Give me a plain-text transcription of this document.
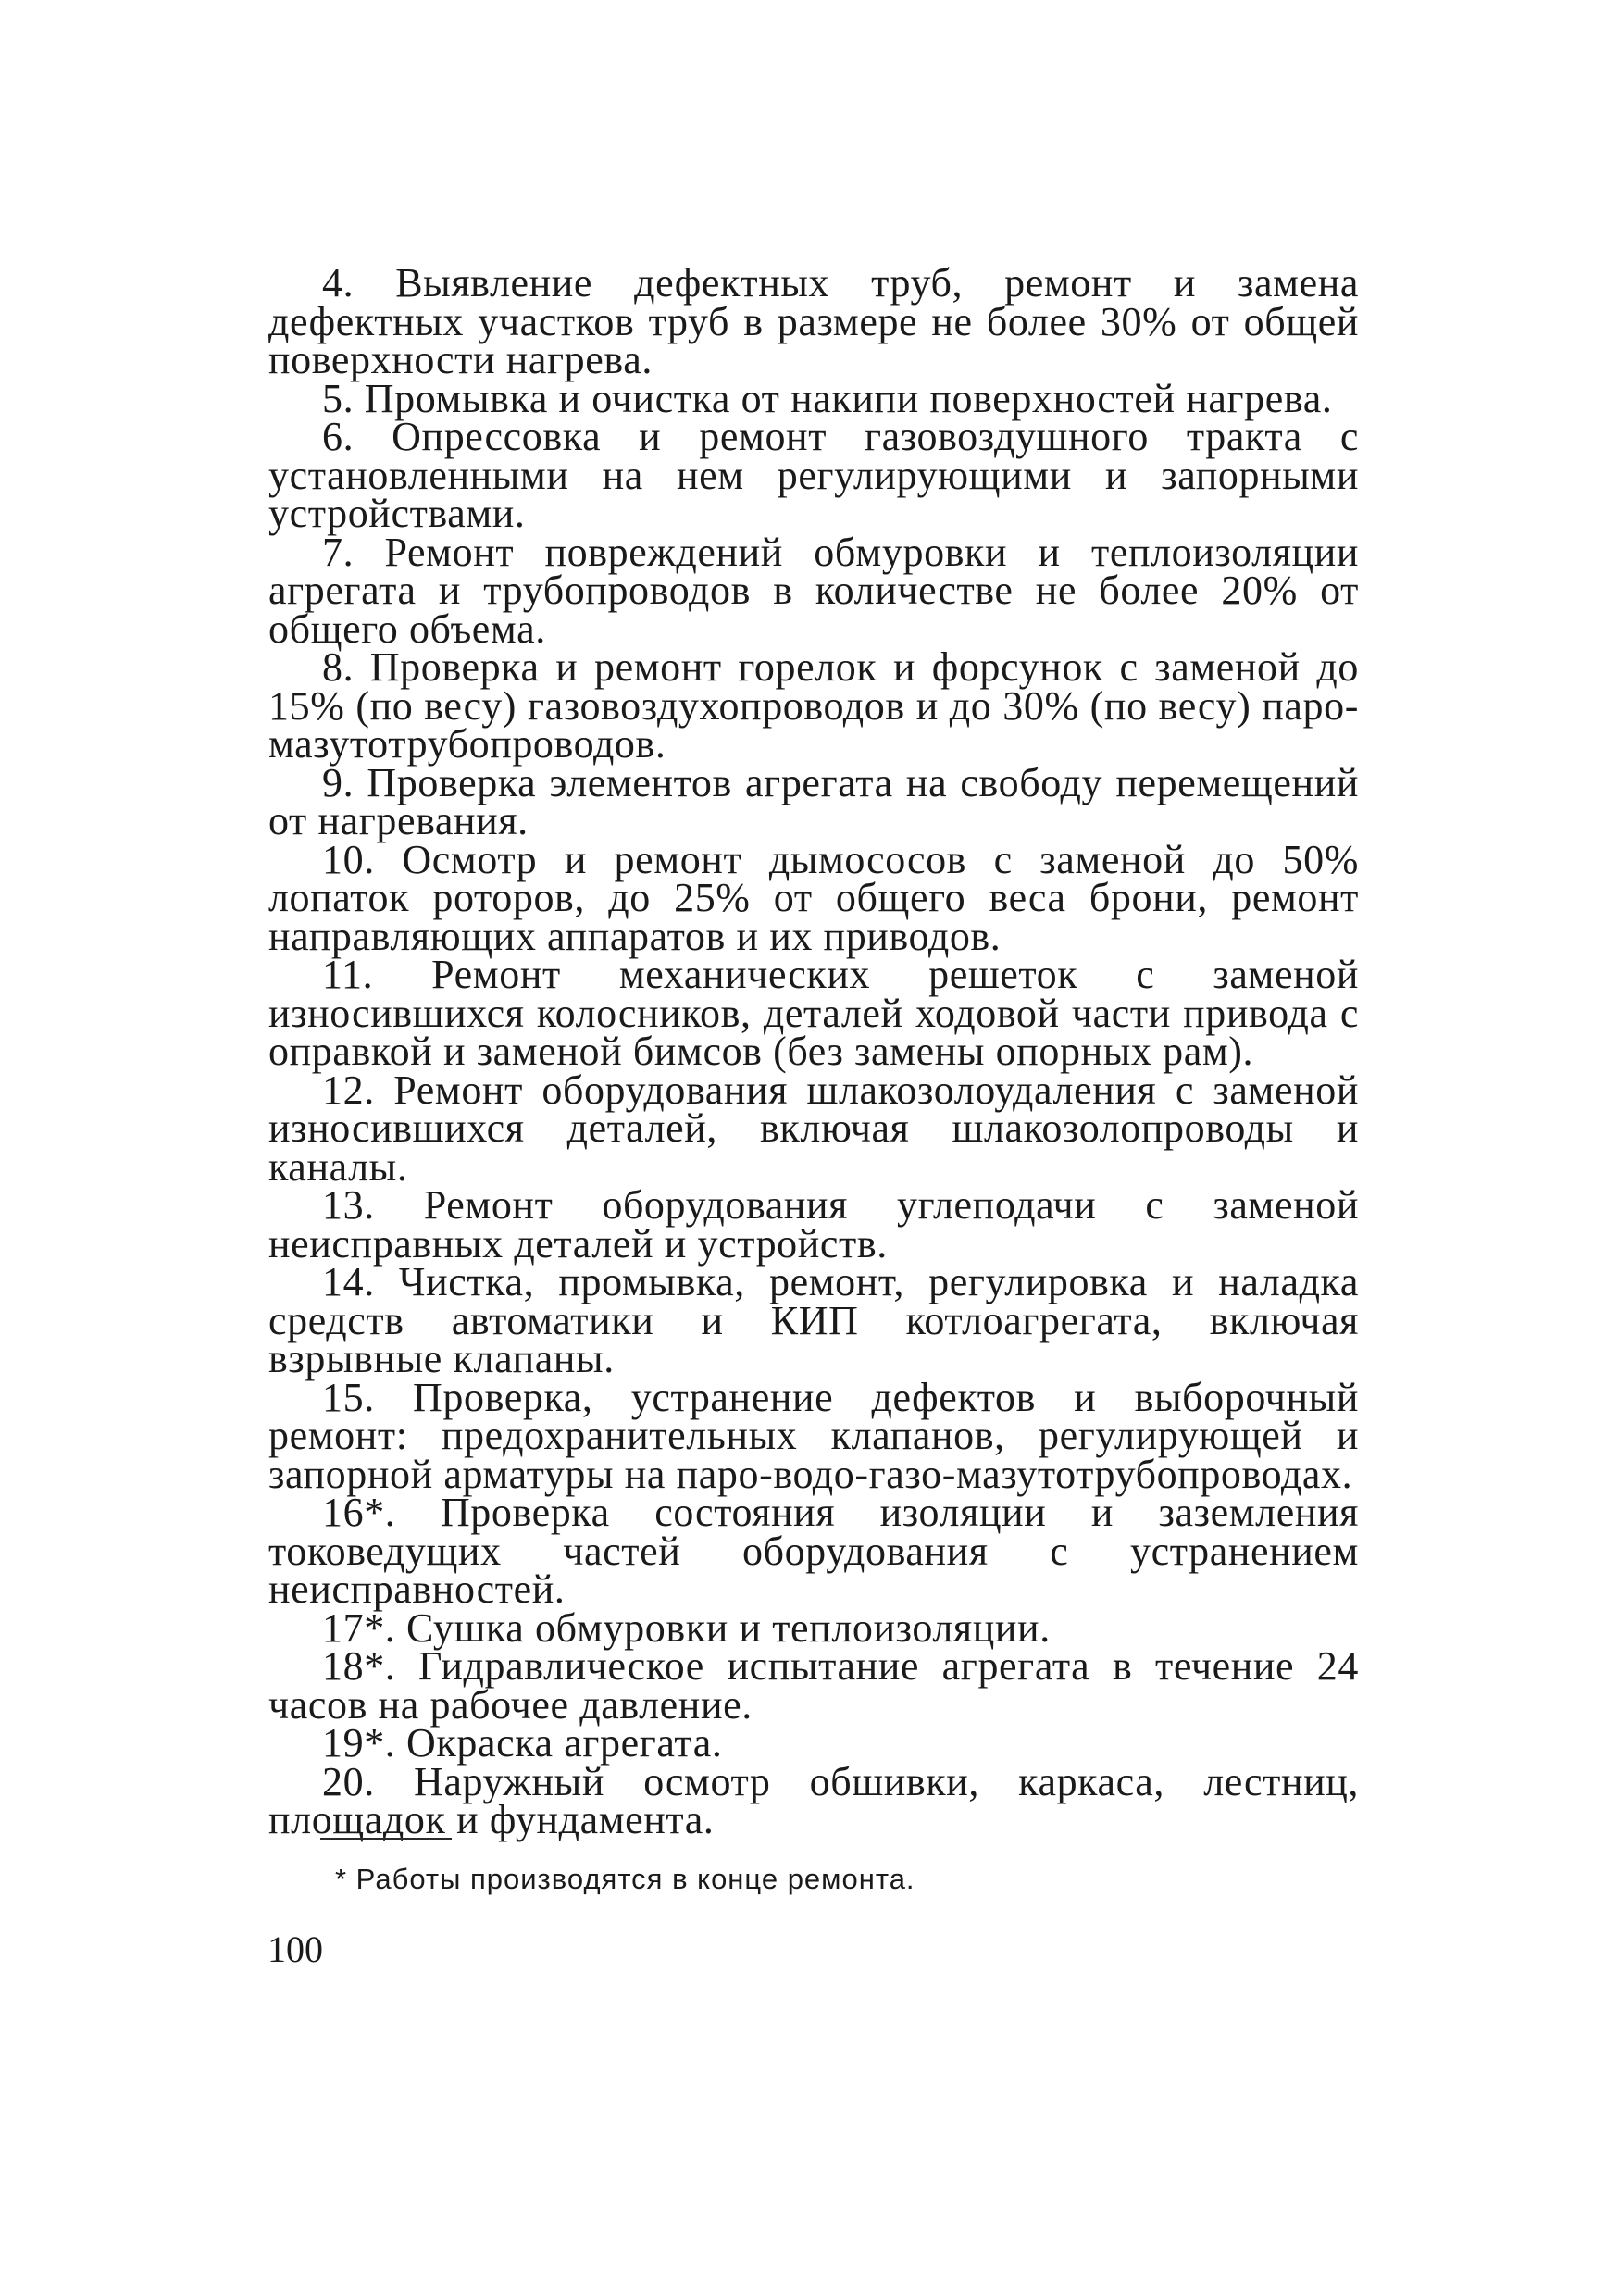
4. Выявление дефектных труб, ремонт и замена дефектных участков труб в размере не более 30% от общей поверхности нагрева.

5. Промывка и очистка от накипи поверхностей нагрева.

6. Опрессовка и ремонт газовоздушного тракта с установленными на нем регулирующими и запорными устройствами.

7. Ремонт повреждений обмуровки и теплоизоляции агрегата и трубопроводов в количестве не более 20% от общего объема.

8. Проверка и ремонт горелок и форсунок с заменой до 15% (по весу) газовоздухопроводов и до 30% (по весу) паро-мазутотрубопроводов.

9. Проверка элементов агрегата на свободу перемещений от нагревания.

10. Осмотр и ремонт дымососов с заменой до 50% лопаток роторов, до 25% от общего веса брони, ремонт направляющих аппаратов и их приводов.

11. Ремонт механических решеток с заменой износившихся колосников, деталей ходовой части привода с оправкой и заменой бимсов (без замены опорных рам).

12. Ремонт оборудования шлакозолоудаления с заменой износившихся деталей, включая шлакозолопроводы и каналы.

13. Ремонт оборудования углеподачи с заменой неисправных деталей и устройств.

14. Чистка, промывка, ремонт, регулировка и наладка средств автоматики и КИП котлоагрегата, включая взрывные клапаны.

15. Проверка, устранение дефектов и выборочный ремонт: предохранительных клапанов, регулирующей и запорной арматуры на паро-водо-газо-мазутотрубопроводах.

16*. Проверка состояния изоляции и заземления токоведущих частей оборудования с устранением неисправностей.

17*. Сушка обмуровки и теплоизоляции.

18*. Гидравлическое испытание агрегата в течение 24 часов на рабочее давление.

19*. Окраска агрегата.

20. Наружный осмотр обшивки, каркаса, лестниц, площадок и фундамента.

* Работы производятся в конце ремонта.
100
